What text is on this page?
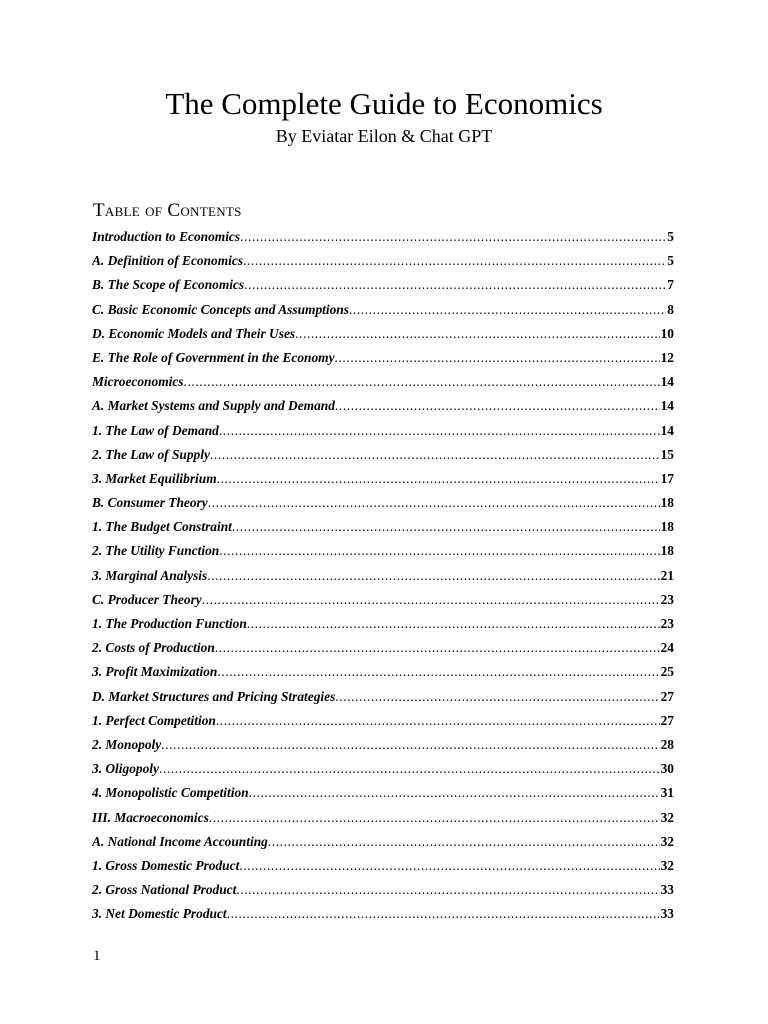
The Complete Guide to Economics
By Eviatar Eilon & Chat GPT
Table of Contents
Introduction to Economics .....	5
A. Definition of Economics .....	5
B. The Scope of Economics .....	7
C. Basic Economic Concepts and Assumptions .....	8
D. Economic Models and Their Uses .....	10
E. The Role of Government in the Economy .....	12
Microeconomics .....	14
A. Market Systems and Supply and Demand .....	14
1. The Law of Demand .....	14
2. The Law of Supply .....	15
3. Market Equilibrium .....	17
B. Consumer Theory .....	18
1. The Budget Constraint .....	18
2. The Utility Function .....	18
3. Marginal Analysis .....	21
C. Producer Theory .....	23
1. The Production Function .....	23
2. Costs of Production .....	24
3. Profit Maximization .....	25
D. Market Structures and Pricing Strategies .....	27
1. Perfect Competition .....	27
2. Monopoly .....	28
3. Oligopoly .....	30
4. Monopolistic Competition .....	31
III. Macroeconomics .....	32
A. National Income Accounting .....	32
1. Gross Domestic Product .....	32
2. Gross National Product .....	33
3. Net Domestic Product .....	33
1
